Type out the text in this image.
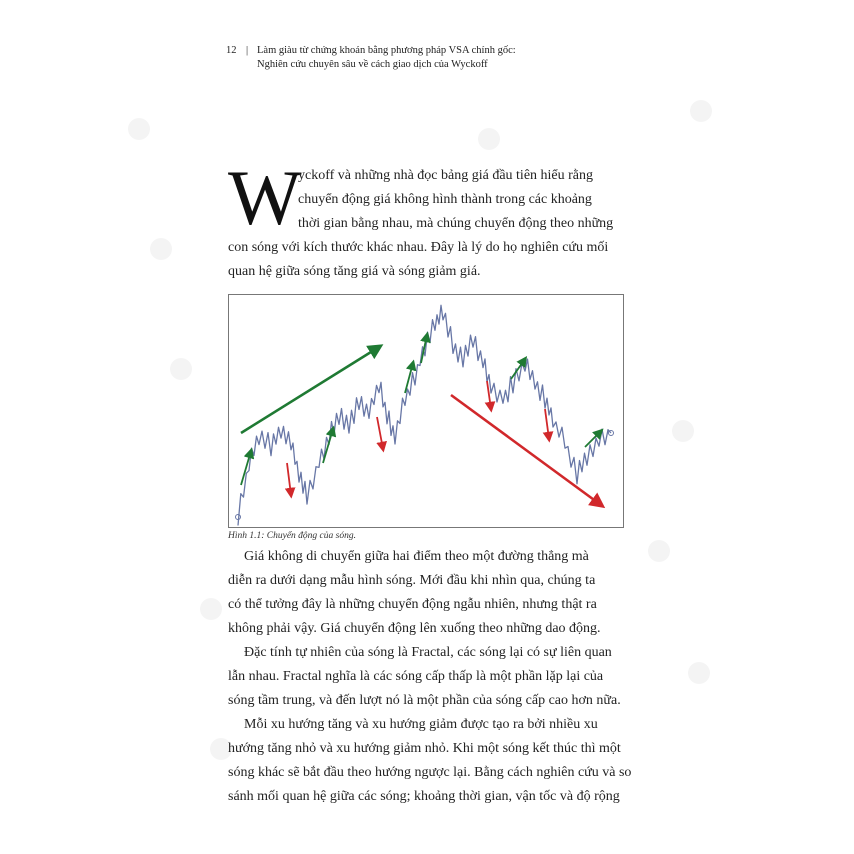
12 | Làm giàu từ chứng khoán bằng phương pháp VSA chính gốc:
Nghiên cứu chuyên sâu về cách giao dịch của Wyckoff
W
yckoff và những nhà đọc bảng giá đầu tiên hiểu rằng
chuyển động giá không hình thành trong các khoảng
thời gian bằng nhau, mà chúng chuyển động theo những
con sóng với kích thước khác nhau. Đây là lý do họ nghiên cứu mối
quan hệ giữa sóng tăng giá và sóng giảm giá.
Hình 1.1: Chuyển động của sóng.
Giá không di chuyển giữa hai điểm theo một đường thẳng mà
diễn ra dưới dạng mẫu hình sóng. Mới đầu khi nhìn qua, chúng ta
có thể tưởng đây là những chuyển động ngẫu nhiên, nhưng thật ra
không phải vậy. Giá chuyển động lên xuống theo những dao động.
Đặc tính tự nhiên của sóng là Fractal, các sóng lại có sự liên quan
lẫn nhau. Fractal nghĩa là các sóng cấp thấp là một phần lặp lại của
sóng tầm trung, và đến lượt nó là một phần của sóng cấp cao hơn nữa.
Mỗi xu hướng tăng và xu hướng giảm được tạo ra bởi nhiều xu
hướng tăng nhỏ và xu hướng giảm nhỏ. Khi một sóng kết thúc thì một
sóng khác sẽ bắt đầu theo hướng ngược lại. Bằng cách nghiên cứu và so
sánh mối quan hệ giữa các sóng; khoảng thời gian, vận tốc và độ rộng
